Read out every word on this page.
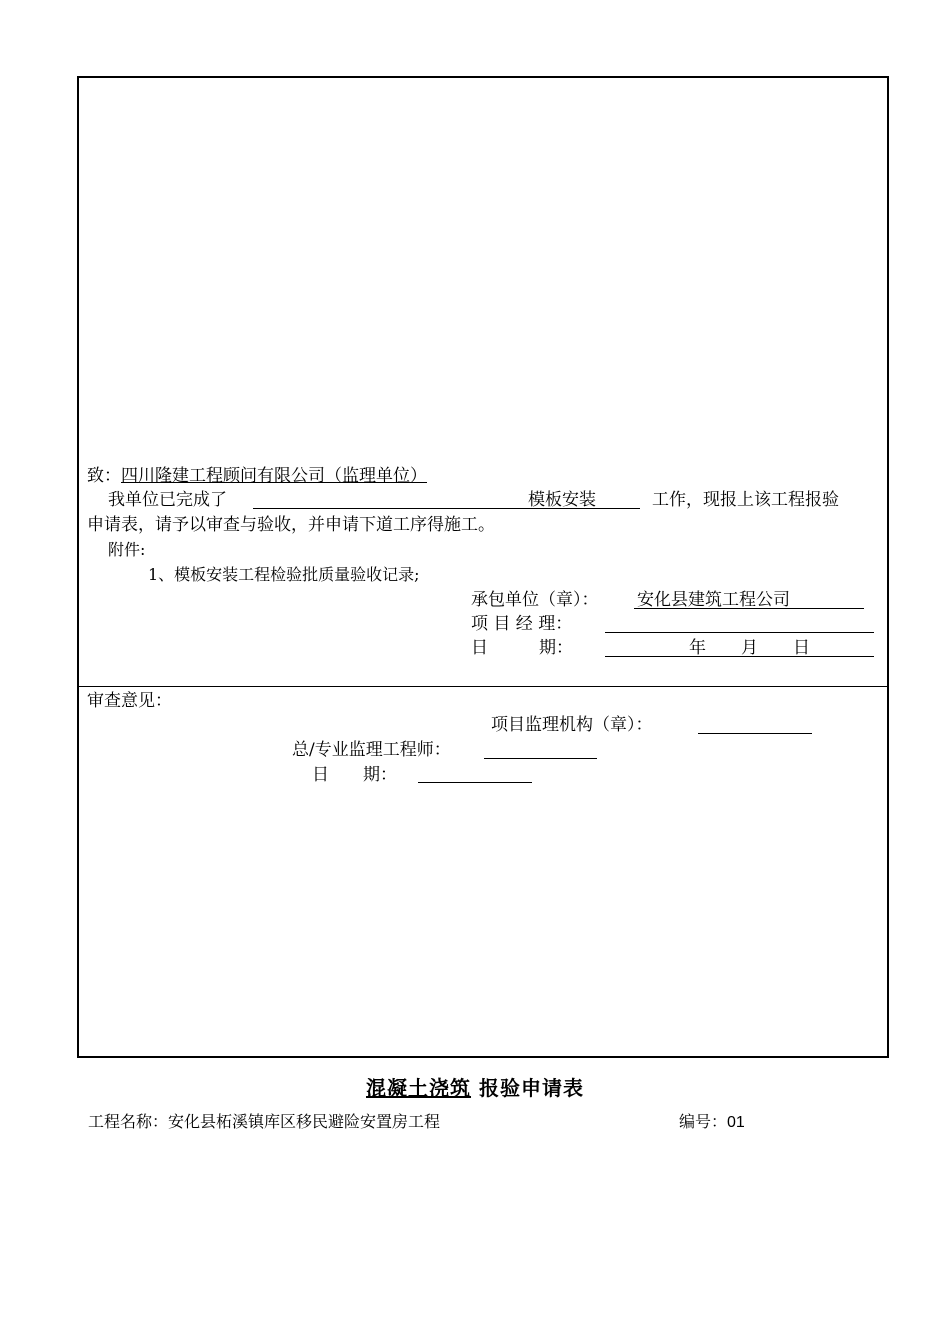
致：四川隆建工程顾问有限公司（监理单位）
我单位已完成了	模板安装	工作，现报上该工程报验
申请表，请予以审查与验收，并申请下道工序得施工。
附件:
1、模板安装工程检验批质量验收记录;
承包单位（章）： 安化县建筑工程公司
项 目 经 理：
日　　　期：	年 月 日
审查意见：
项目监理机构（章）：
总/专业监理工程师：
日　　期：
混凝土浇筑 报验申请表
工程名称：安化县柘溪镇库区移民避险安置房工程	编号：01
